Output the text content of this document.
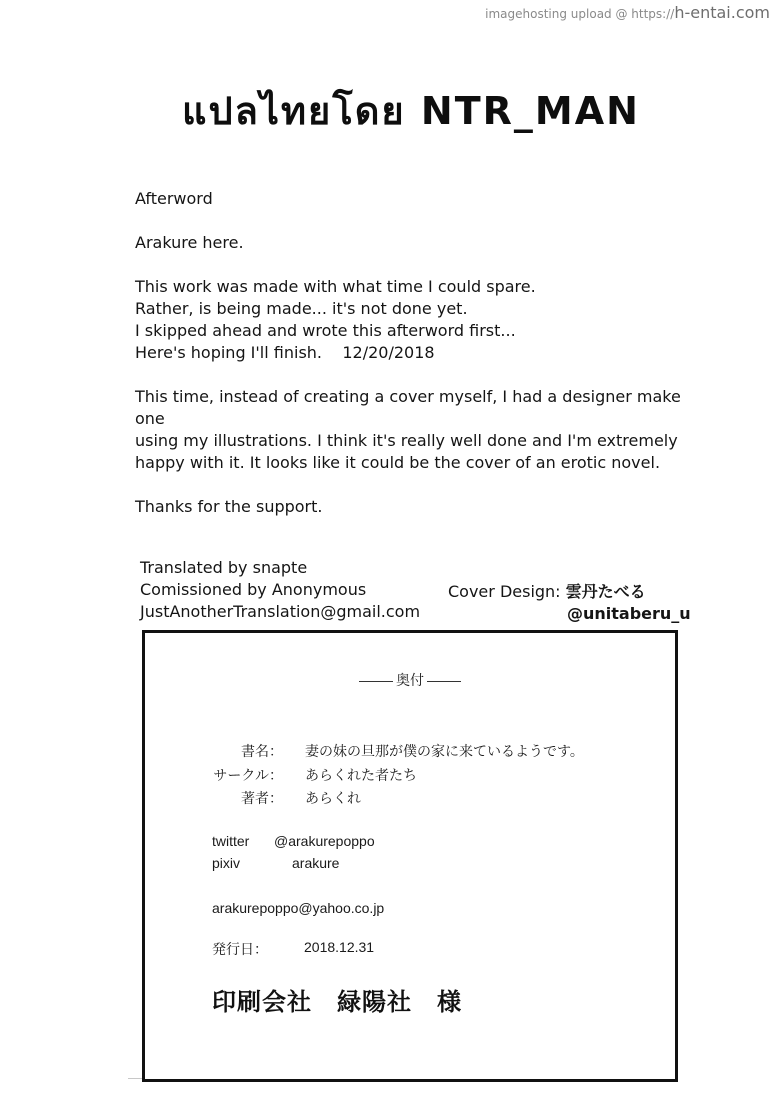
imagehosting upload @ https://h-entai.com
แปลไทยโดย NTR_MAN

Afterword

Arakure here.

This work was made with what time I could spare.
Rather, is being made... it's not done yet.
I skipped ahead and wrote this afterword first...
Here's hoping I'll finish.    12/20/2018

This time, instead of creating a cover myself, I had a designer make one
using my illustrations. I think it's really well done and I'm extremely
happy with it. It looks like it could be the cover of an erotic novel.

Thanks for the support.

Translated by snapte
Comissioned by Anonymous
JustAnotherTranslation@gmail.com
Cover Design: 雲丹たべる
@unitaberu_u
奥付
書名： 妻の妹の旦那が僕の家に来ているようです。
サークル： あらくれた者たち
著者： あらくれ
twitter @arakurepoppo
pixiv	arakure
arakurepoppo@yahoo.co.jp
発行日：	2018.12.31
印刷会社　緑陽社　様
